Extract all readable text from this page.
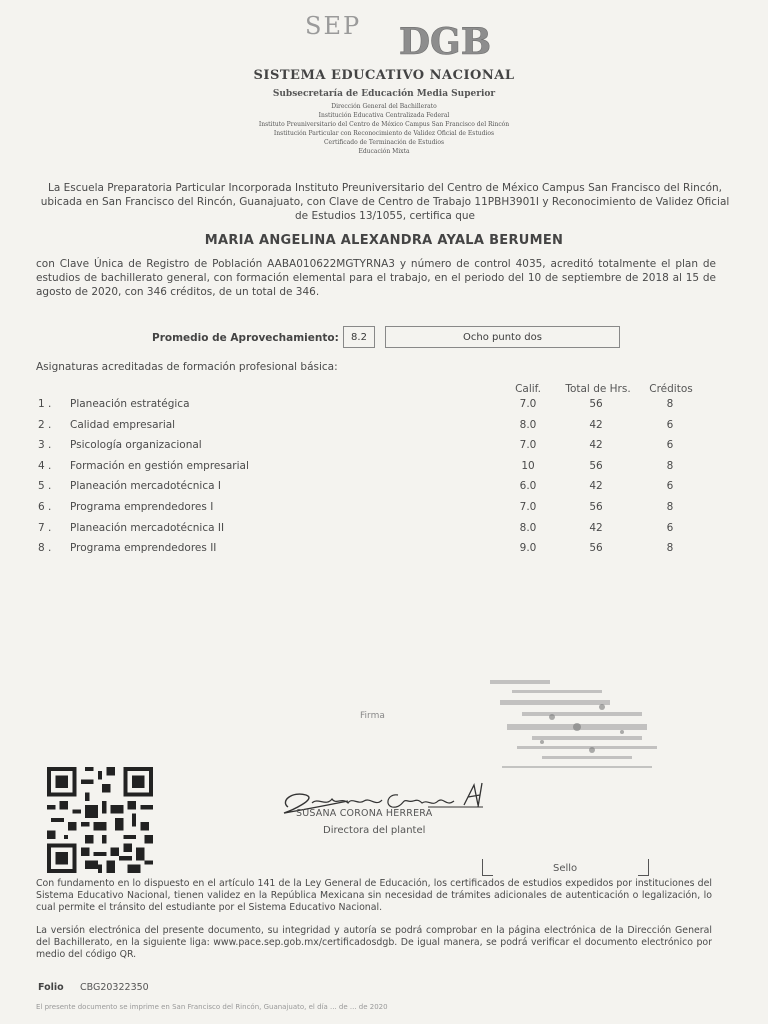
SEP DGB
SISTEMA EDUCATIVO NACIONAL
Subsecretaría de Educación Media Superior
Dirección General del Bachillerato
Institución Educativa Centralizada Federal
Instituto Preuniversitario del Centro de México Campus San Francisco del Rincón
Institución Particular con Reconocimiento de Validez Oficial de Estudios
Certificado de Terminación de Estudios
Educación Mixta
La Escuela Preparatoria Particular Incorporada Instituto Preuniversitario del Centro de México Campus San Francisco del Rincón, ubicada en San Francisco del Rincón, Guanajuato, con Clave de Centro de Trabajo 11PBH3901I y Reconocimiento de Validez Oficial de Estudios 13/1055, certifica que
MARIA ANGELINA ALEXANDRA AYALA BERUMEN
con Clave Única de Registro de Población AABA010622MGTYRNA3 y número de control 4035, acreditó totalmente el plan de estudios de bachillerato general, con formación elemental para el trabajo, en el periodo del 10 de septiembre de 2018 al 15 de agosto de 2020, con 346 créditos, de un total de 346.
Promedio de Aprovechamiento:	8.2	Ocho punto dos
Asignaturas acreditadas de formación profesional básica:
Calif.	Total de Hrs.	Créditos
1 . Planeación estratégica	7.0	56	8
2 . Calidad empresarial	8.0	42	6
3 . Psicología organizacional	7.0	42	6
4 . Formación en gestión empresarial	10	56	8
5 . Planeación mercadotécnica I	6.0	42	6
6 . Programa emprendedores I	7.0	56	8
7 . Planeación mercadotécnica II	8.0	42	6
8 . Programa emprendedores II	9.0	56	8
Firma
SUSANA CORONA HERRERA
Directora del plantel
Sello
Con fundamento en lo dispuesto en el artículo 141 de la Ley General de Educación, los certificados de estudios expedidos por instituciones del Sistema Educativo Nacional, tienen validez en la República Mexicana sin necesidad de trámites adicionales de autenticación o legalización, lo cual permite el tránsito del estudiante por el Sistema Educativo Nacional.
La versión electrónica del presente documento, su integridad y autoría se podrá comprobar en la página electrónica de la Dirección General del Bachillerato, en la siguiente liga: www.pace.sep.gob.mx/certificadosdgb. De igual manera, se podrá verificar el documento electrónico por medio del código QR.
Folio CBG20322350
El presente documento se imprime en San Francisco del Rincón, Guanajuato, el día ... de ... de 2020
